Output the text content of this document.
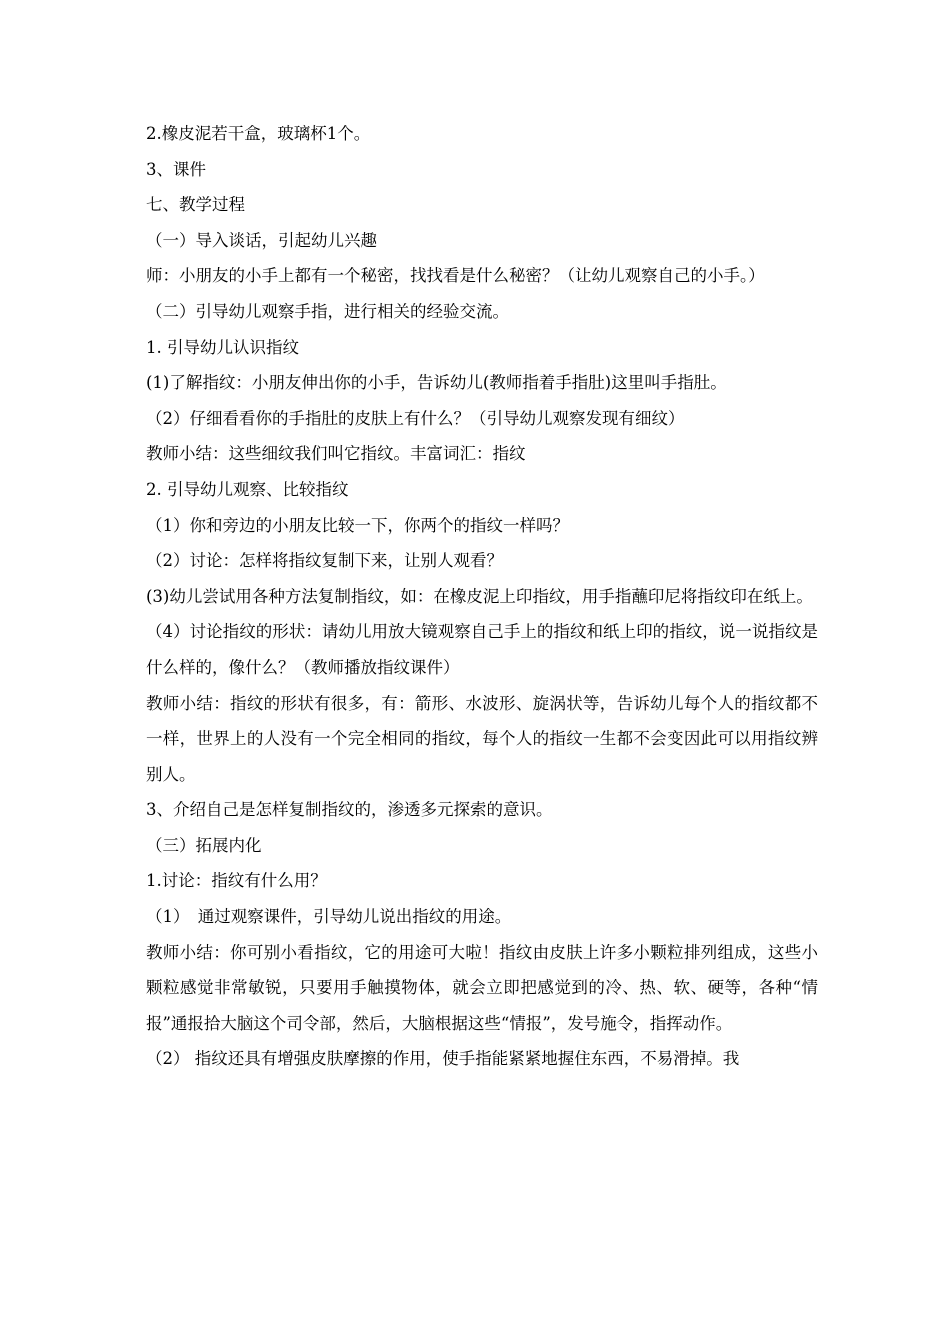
2.橡皮泥若干盒，玻璃杯1个。

3、课件

七、教学过程

（一）导入谈话，引起幼儿兴趣

师：小朋友的小手上都有一个秘密，找找看是什么秘密？（让幼儿观察自己的小手。）

（二）引导幼儿观察手指，进行相关的经验交流。

1. 引导幼儿认识指纹

(1)了解指纹：小朋友伸出你的小手，告诉幼儿(教师指着手指肚)这里叫手指肚。

（2）仔细看看你的手指肚的皮肤上有什么？（引导幼儿观察发现有细纹）

教师小结：这些细纹我们叫它指纹。丰富词汇：指纹

2. 引导幼儿观察、比较指纹

（1）你和旁边的小朋友比较一下，你两个的指纹一样吗？

（2）讨论：怎样将指纹复制下来，让别人观看？

(3)幼儿尝试用各种方法复制指纹，如：在橡皮泥上印指纹，用手指蘸印尼将指纹印在纸上。

（4）讨论指纹的形状：请幼儿用放大镜观察自己手上的指纹和纸上印的指纹，说一说指纹是什么样的，像什么？（教师播放指纹课件）

教师小结：指纹的形状有很多，有：箭形、水波形、旋涡状等，告诉幼儿每个人的指纹都不一样，世界上的人没有一个完全相同的指纹，每个人的指纹一生都不会变因此可以用指纹辨别人。

3、介绍自己是怎样复制指纹的，渗透多元探索的意识。

（三）拓展内化

1.讨论：指纹有什么用？

（1）　通过观察课件，引导幼儿说出指纹的用途。

教师小结：你可别小看指纹，它的用途可大啦！指纹由皮肤上许多小颗粒排列组成，这些小颗粒感觉非常敏锐，只要用手触摸物体，就会立即把感觉到的冷、热、软、硬等，各种“情报”通报拾大脑这个司令部，然后，大脑根据这些“情报”，发号施令，指挥动作。

（2） 指纹还具有增强皮肤摩擦的作用，使手指能紧紧地握住东西，不易滑掉。我
